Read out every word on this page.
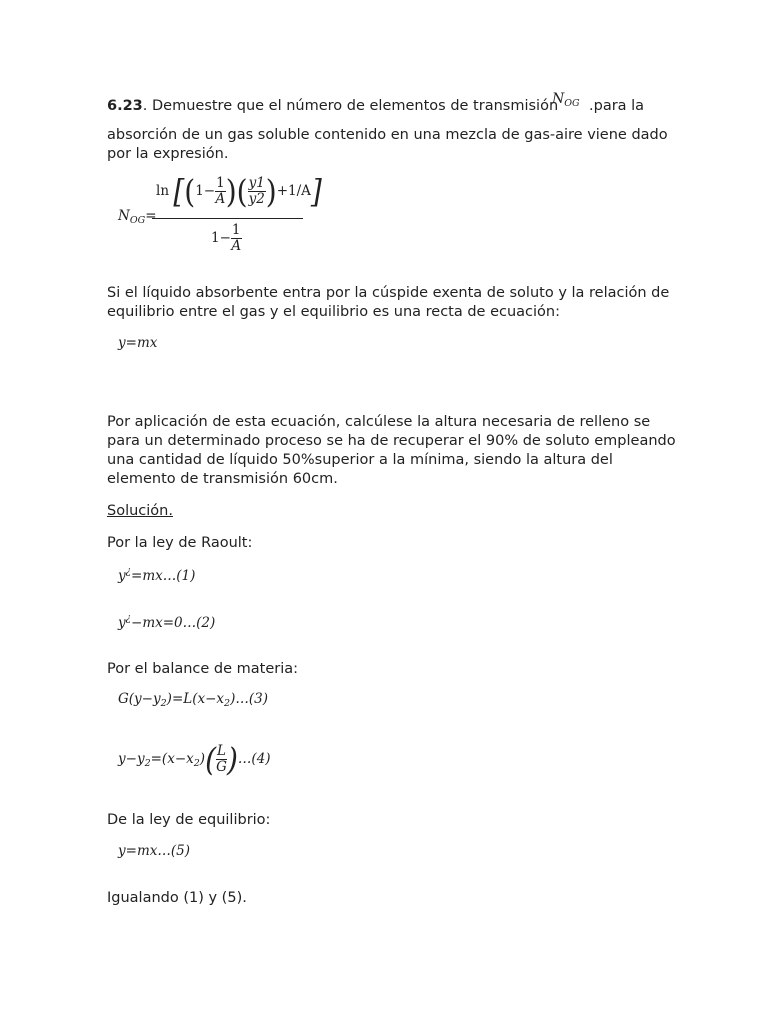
6.23. Demuestre que el número de elementos de transmisión
$N_{OG}$ .para la
absorción de un gas soluble contenido en una mezcla de gas-aire viene dado por la expresión.
$N_{OG}=$
$\ln [(1- \frac{1}{A}$ )( $\frac{y1}{y2} )+1/A$]
$1- \frac{1}{A}$
Si el líquido absorbente entra por la cúspide exenta de soluto y la relación de equilibrio entre el gas y el equilibrio es una recta de ecuación:
y=mx
Por aplicación de esta ecuación, calcúlese la altura necesaria de relleno se para un determinado proceso se ha de recuperar el 90% de soluto empleando una cantidad de líquido 50%superior a la mínima, siendo la altura del elemento de transmisión 60cm.
Solución.
Por la ley de Raoult:
y¿=mx…(1)
y¿−mx=0…(2)
Por el balance de materia:
$G(y-y_2)=L(x-x_2)\dots(3)$
$y-y_2=(x-x_2)( \frac{L}{G}$ )…(4)
De la ley de equilibrio:
y=mx…(5)
Igualando (1) y (5).
